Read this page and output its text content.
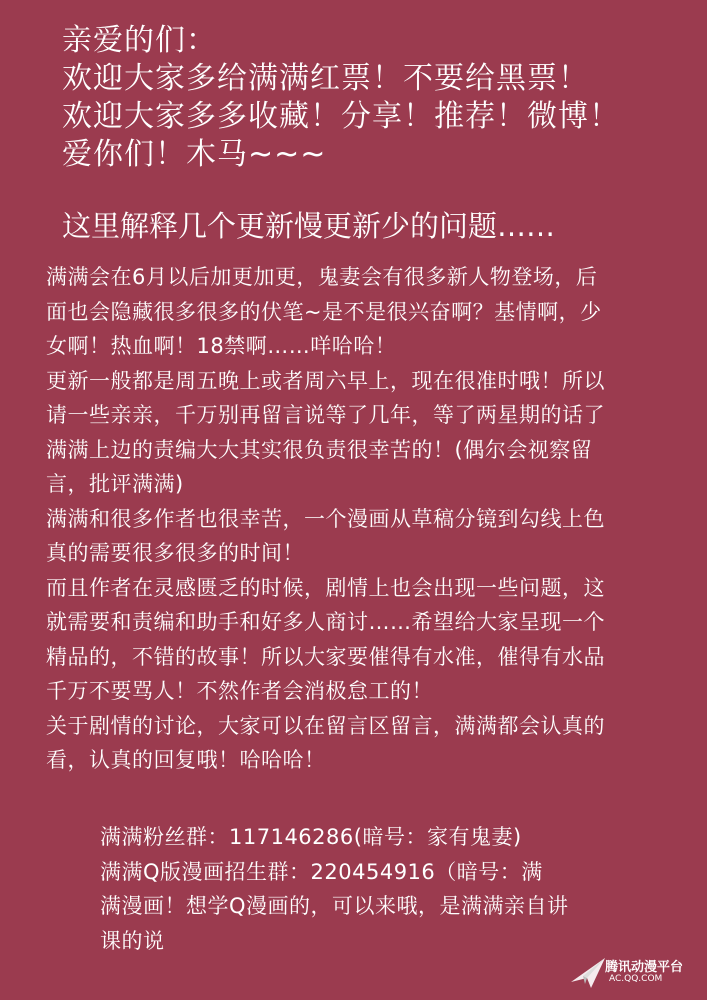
亲爱的们：
欢迎大家多给满满红票！不要给黑票！
欢迎大家多多收藏！分享！推荐！微博！
爱你们！木马~~~
这里解释几个更新慢更新少的问题……
满满会在6月以后加更加更，鬼妻会有很多新人物登场，后
面也会隐藏很多很多的伏笔~是不是很兴奋啊？基情啊，少
女啊！热血啊！18禁啊……咩哈哈！
更新一般都是周五晚上或者周六早上，现在很准时哦！所以
请一些亲亲，千万别再留言说等了几年，等了两星期的话了
满满上边的责编大大其实很负责很幸苦的！(偶尔会视察留
言，批评满满)
满满和很多作者也很幸苦，一个漫画从草稿分镜到勾线上色
真的需要很多很多的时间！
而且作者在灵感匮乏的时候，剧情上也会出现一些问题，这
就需要和责编和助手和好多人商讨……希望给大家呈现一个
精品的，不错的故事！所以大家要催得有水准，催得有水品
千万不要骂人！不然作者会消极怠工的！
关于剧情的讨论，大家可以在留言区留言，满满都会认真的
看，认真的回复哦！哈哈哈！
满满粉丝群：117146286(暗号：家有鬼妻)
满满Q版漫画招生群：220454916（暗号：满
满漫画！想学Q漫画的，可以来哦，是满满亲自讲
课的说
腾讯动漫平台
AC.QQ.COM
